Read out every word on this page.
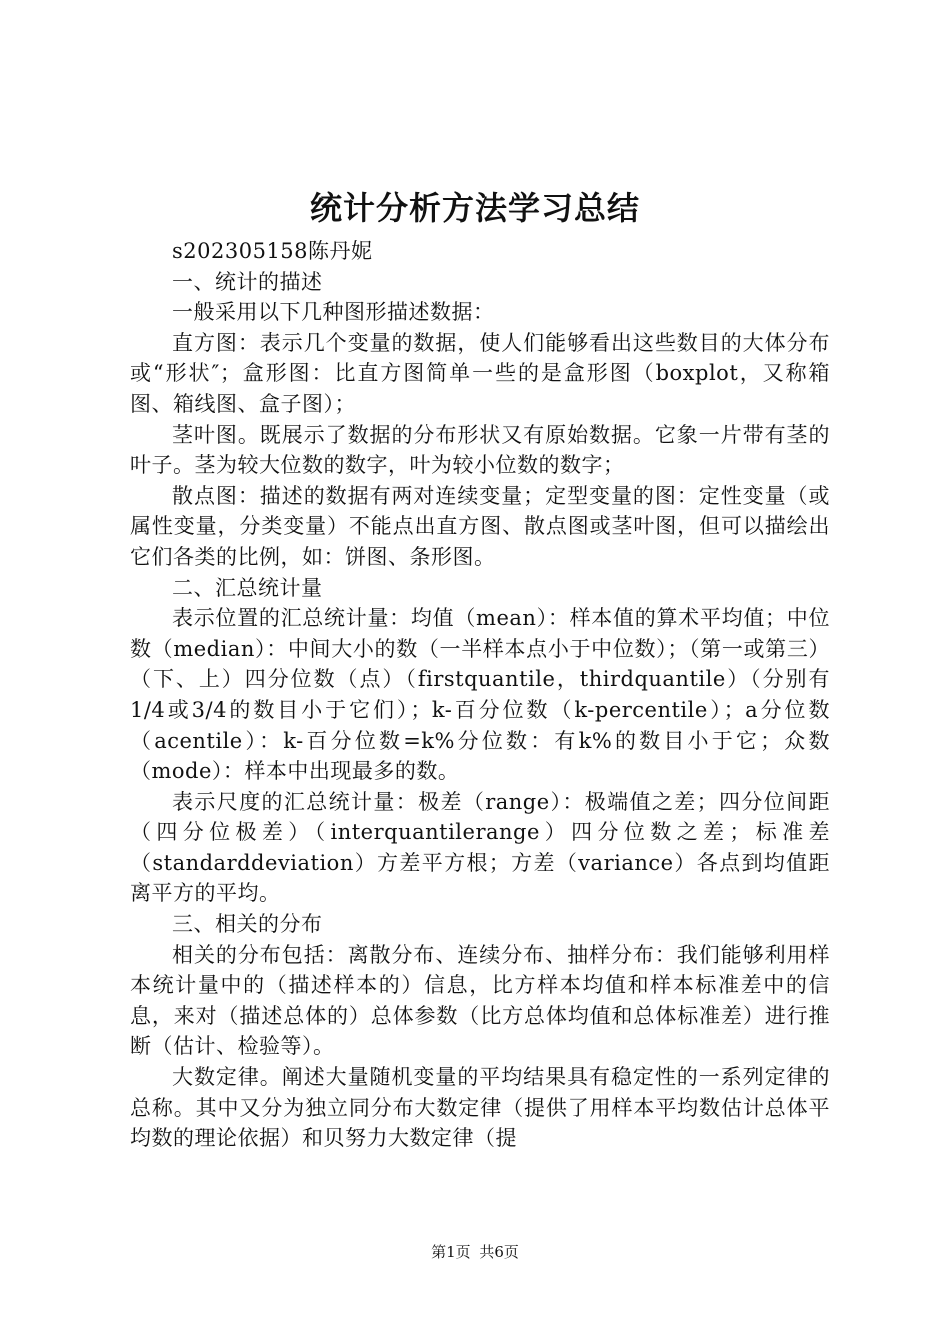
统计分析方法学习总结

s202305158陈丹妮

一、统计的描述

一般采用以下几种图形描述数据：

直方图：表示几个变量的数据，使人们能够看出这些数目的大体分布或“形状″；盒形图：比直方图简单一些的是盒形图（boxplot，又称箱图、箱线图、盒子图）；

茎叶图。既展示了数据的分布形状又有原始数据。它象一片带有茎的叶子。茎为较大位数的数字，叶为较小位数的数字；

散点图：描述的数据有两对连续变量；定型变量的图：定性变量（或属性变量，分类变量）不能点出直方图、散点图或茎叶图，但可以描绘出它们各类的比例，如：饼图、条形图。

二、汇总统计量

表示位置的汇总统计量：均值（mean）：样本值的算术平均值；中位数（median）：中间大小的数（一半样本点小于中位数）；（第一或第三）（下、上）四分位数（点）（firstquantile，thirdquantile）（分别有1/4或3/4的数目小于它们）；k-百分位数（k-percentile）；a分位数（acentile）：k-百分位数=k%分位数：有k%的数目小于它；众数（mode）：样本中出现最多的数。

表示尺度的汇总统计量：极差（range）：极端值之差；四分位间距（四分位极差）（interquantilerange）四分位数之差；标准差（standarddeviation）方差平方根；方差（variance）各点到均值距离平方的平均。

三、相关的分布

相关的分布包括：离散分布、连续分布、抽样分布：我们能够利用样本统计量中的（描述样本的）信息，比方样本均值和样本标准差中的信息，来对（描述总体的）总体参数（比方总体均值和总体标准差）进行推断（估计、检验等）。

大数定律。阐述大量随机变量的平均结果具有稳定性的一系列定律的总称。其中又分为独立同分布大数定律（提供了用样本平均数估计总体平均数的理论依据）和贝努力大数定律（提

第1页 共6页
